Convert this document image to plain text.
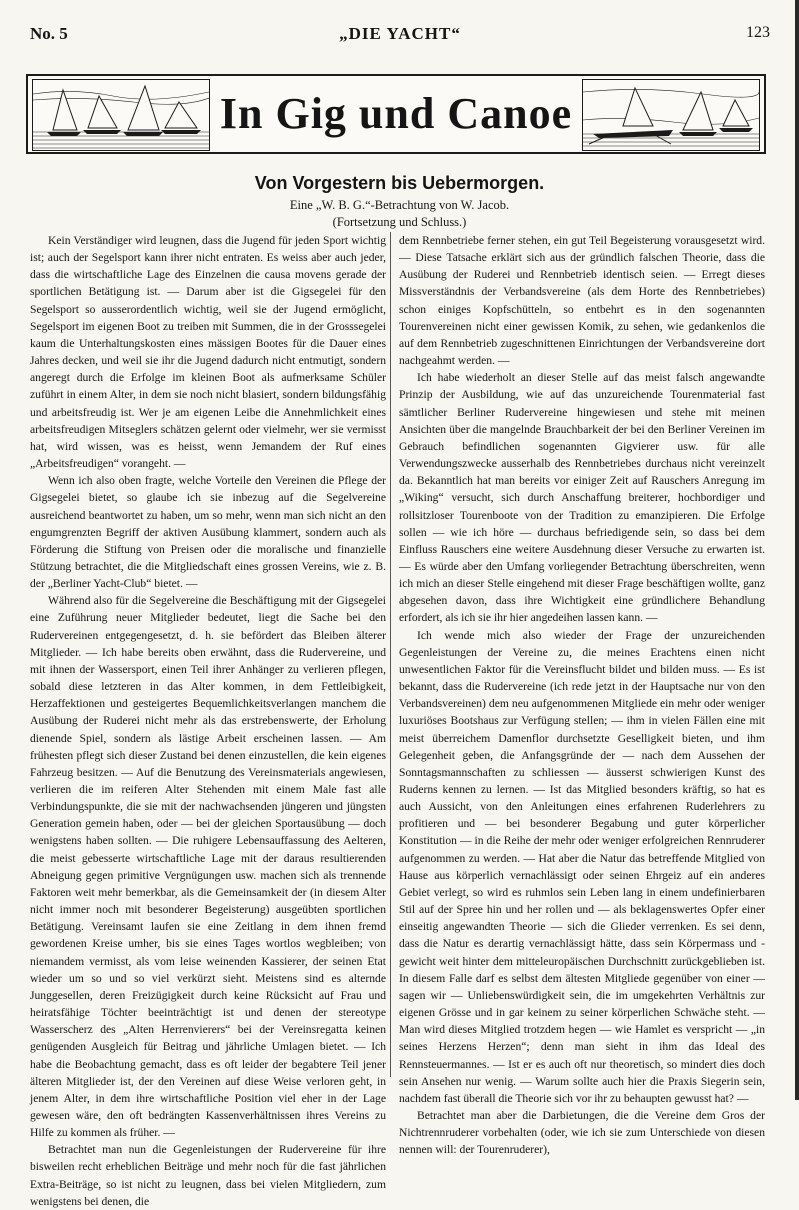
No. 5	„DIE YACHT“	123
In Gig und Canoe
Von Vorgestern bis Uebermorgen.
Eine „W. B. G.“-Betrachtung von W. Jacob.
(Fortsetzung und Schluss.)

Kein Verständiger wird leugnen, dass die Jugend für jeden Sport wichtig ist; auch der Segelsport kann ihrer nicht entraten. Es weiss aber auch jeder, dass die wirtschaftliche Lage des Einzelnen die causa movens gerade der sportlichen Betätigung ist. — Darum aber ist die Gigsegelei für den Segelsport so ausserordentlich wichtig, weil sie der Jugend ermöglicht, Segelsport im eigenen Boot zu treiben mit Summen, die in der Grosssegelei kaum die Unterhaltungskosten eines mässigen Bootes für die Dauer eines Jahres decken, und weil sie ihr die Jugend dadurch nicht entmutigt, sondern angeregt durch die Erfolge im kleinen Boot als aufmerksame Schüler zuführt in einem Alter, in dem sie noch nicht blasiert, sondern bildungsfähig und arbeitsfreudig ist. Wer je am eigenen Leibe die Annehmlichkeit eines arbeitsfreudigen Mitseglers schätzen gelernt oder vielmehr, wer sie vermisst hat, wird wissen, was es heisst, wenn Jemandem der Ruf eines „Arbeitsfreudigen“ vorangeht. —

Wenn ich also oben fragte, welche Vorteile den Vereinen die Pflege der Gigsegelei bietet, so glaube ich sie inbezug auf die Segelvereine ausreichend beantwortet zu haben, um so mehr, wenn man sich nicht an den engumgrenzten Begriff der aktiven Ausübung klammert, sondern auch als Förderung die Stiftung von Preisen oder die moralische und finanzielle Stützung betrachtet, die die Mitgliedschaft eines grossen Vereins, wie z. B. der „Berliner Yacht-Club“ bietet. —

Während also für die Segelvereine die Beschäftigung mit der Gigsegelei eine Zuführung neuer Mitglieder bedeutet, liegt die Sache bei den Rudervereinen entgegengesetzt, d. h. sie befördert das Bleiben älterer Mitglieder. — Ich habe bereits oben erwähnt, dass die Rudervereine, und mit ihnen der Wassersport, einen Teil ihrer Anhänger zu verlieren pflegen, sobald diese letzteren in das Alter kommen, in dem Fettleibigkeit, Herzaffektionen und gesteigertes Bequemlichkeitsverlangen manchem die Ausübung der Ruderei nicht mehr als das erstrebenswerte, der Erholung dienende Spiel, sondern als lästige Arbeit erscheinen lassen. — Am frühesten pflegt sich dieser Zustand bei denen einzustellen, die kein eigenes Fahrzeug besitzen. — Auf die Benutzung des Vereinsmaterials angewiesen, verlieren die im reiferen Alter Stehenden mit einem Male fast alle Verbindungspunkte, die sie mit der nachwachsenden jüngeren und jüngsten Generation gemein haben, oder — bei der gleichen Sportausübung — doch wenigstens haben sollten. — Die ruhigere Lebensauffassung des Aelteren, die meist gebesserte wirtschaftliche Lage mit der daraus resultierenden Abneigung gegen primitive Vergnügungen usw. machen sich als trennende Faktoren weit mehr bemerkbar, als die Gemeinsamkeit der (in diesem Alter nicht immer noch mit besonderer Begeisterung) ausgeübten sportlichen Betätigung. Vereinsamt laufen sie eine Zeitlang in dem ihnen fremd gewordenen Kreise umher, bis sie eines Tages wortlos wegbleiben; von niemandem vermisst, als vom leise weinenden Kassierer, der seinen Etat wieder um so und so viel verkürzt sieht. Meistens sind es alternde Junggesellen, deren Freizügigkeit durch keine Rücksicht auf Frau und heiratsfähige Töchter beeinträchtigt ist und denen der stereotype Wasserscherz des „Alten Herrenvierers“ bei der Vereinsregatta keinen genügenden Ausgleich für Beitrag und jährliche Umlagen bietet. — Ich habe die Beobachtung gemacht, dass es oft leider der begabtere Teil jener älteren Mitglieder ist, der den Vereinen auf diese Weise verloren geht, in jenem Alter, in dem ihre wirtschaftliche Position viel eher in der Lage gewesen wäre, den oft bedrängten Kassenverhältnissen ihres Vereins zu Hilfe zu kommen als früher. —

Betrachtet man nun die Gegenleistungen der Rudervereine für ihre bisweilen recht erheblichen Beiträge und mehr noch für die fast jährlichen Extra-Beiträge, so ist nicht zu leugnen, dass bei vielen Mitgliedern, zum wenigstens bei denen, die

dem Rennbetriebe ferner stehen, ein gut Teil Begeisterung vorausgesetzt wird. — Diese Tatsache erklärt sich aus der gründlich falschen Theorie, dass die Ausübung der Ruderei und Rennbetrieb identisch seien. — Erregt dieses Missverständnis der Verbandsvereine (als dem Horte des Rennbetriebes) schon einiges Kopfschütteln, so entbehrt es in den sogenannten Tourenvereinen nicht einer gewissen Komik, zu sehen, wie gedankenlos die auf dem Rennbetrieb zugeschnittenen Einrichtungen der Verbandsvereine dort nachgeahmt werden. —

Ich habe wiederholt an dieser Stelle auf das meist falsch angewandte Prinzip der Ausbildung, wie auf das unzureichende Tourenmaterial fast sämtlicher Berliner Rudervereine hingewiesen und stehe mit meinen Ansichten über die mangelnde Brauchbarkeit der bei den Berliner Vereinen im Gebrauch befindlichen sogenannten Gigvierer usw. für alle Verwendungszwecke ausserhalb des Rennbetriebes durchaus nicht vereinzelt da. Bekanntlich hat man bereits vor einiger Zeit auf Rauschers Anregung im „Wiking“ versucht, sich durch Anschaffung breiterer, hochbordiger und rollsitzloser Tourenboote von der Tradition zu emanzipieren. Die Erfolge sollen — wie ich höre — durchaus befriedigende sein, so dass bei dem Einfluss Rauschers eine weitere Ausdehnung dieser Versuche zu erwarten ist. — Es würde aber den Umfang vorliegender Betrachtung überschreiten, wenn ich mich an dieser Stelle eingehend mit dieser Frage beschäftigen wollte, ganz abgesehen davon, dass ihre Wichtigkeit eine gründlichere Behandlung erfordert, als ich sie ihr hier angedeihen lassen kann. —

Ich wende mich also wieder der Frage der unzureichenden Gegenleistungen der Vereine zu, die meines Erachtens einen nicht unwesentlichen Faktor für die Vereinsflucht bildet und bilden muss. — Es ist bekannt, dass die Rudervereine (ich rede jetzt in der Hauptsache nur von den Verbandsvereinen) dem neu aufgenommenen Mitgliede ein mehr oder weniger luxuriöses Bootshaus zur Verfügung stellen; — ihm in vielen Fällen eine mit meist überreichem Damenflor durchsetzte Geselligkeit bieten, und ihm Gelegenheit geben, die Anfangsgründe der — nach dem Aussehen der Sonntagsmannschaften zu schliessen — äusserst schwierigen Kunst des Ruderns kennen zu lernen. — Ist das Mitglied besonders kräftig, so hat es auch Aussicht, von den Anleitungen eines erfahrenen Ruderlehrers zu profitieren und — bei besonderer Begabung und guter körperlicher Konstitution — in die Reihe der mehr oder weniger erfolgreichen Rennruderer aufgenommen zu werden. — Hat aber die Natur das betreffende Mitglied von Hause aus körperlich vernachlässigt oder seinen Ehrgeiz auf ein anderes Gebiet verlegt, so wird es ruhmlos sein Leben lang in einem undefinierbaren Stil auf der Spree hin und her rollen und — als beklagenswertes Opfer einer einseitig angewandten Theorie — sich die Glieder verrenken. Es sei denn, dass die Natur es derartig vernachlässigt hätte, dass sein Körpermass und -gewicht weit hinter dem mitteleuropäischen Durchschnitt zurückgeblieben ist. In diesem Falle darf es selbst dem ältesten Mitgliede gegenüber von einer — sagen wir — Unliebenswürdigkeit sein, die im umgekehrten Verhältnis zur eigenen Grösse und in gar keinem zu seiner körperlichen Schwäche steht. — Man wird dieses Mitglied trotzdem hegen — wie Hamlet es verspricht — „in seines Herzens Herzen“; denn man sieht in ihm das Ideal des Rennsteuermannes. — Ist er es auch oft nur theoretisch, so mindert dies doch sein Ansehen nur wenig. — Warum sollte auch hier die Praxis Siegerin sein, nachdem fast überall die Theorie sich vor ihr zu behaupten gewusst hat? —

Betrachtet man aber die Darbietungen, die die Vereine dem Gros der Nichtrennruderer vorbehalten (oder, wie ich sie zum Unterschiede von diesen nennen will: der Tourenruderer),
